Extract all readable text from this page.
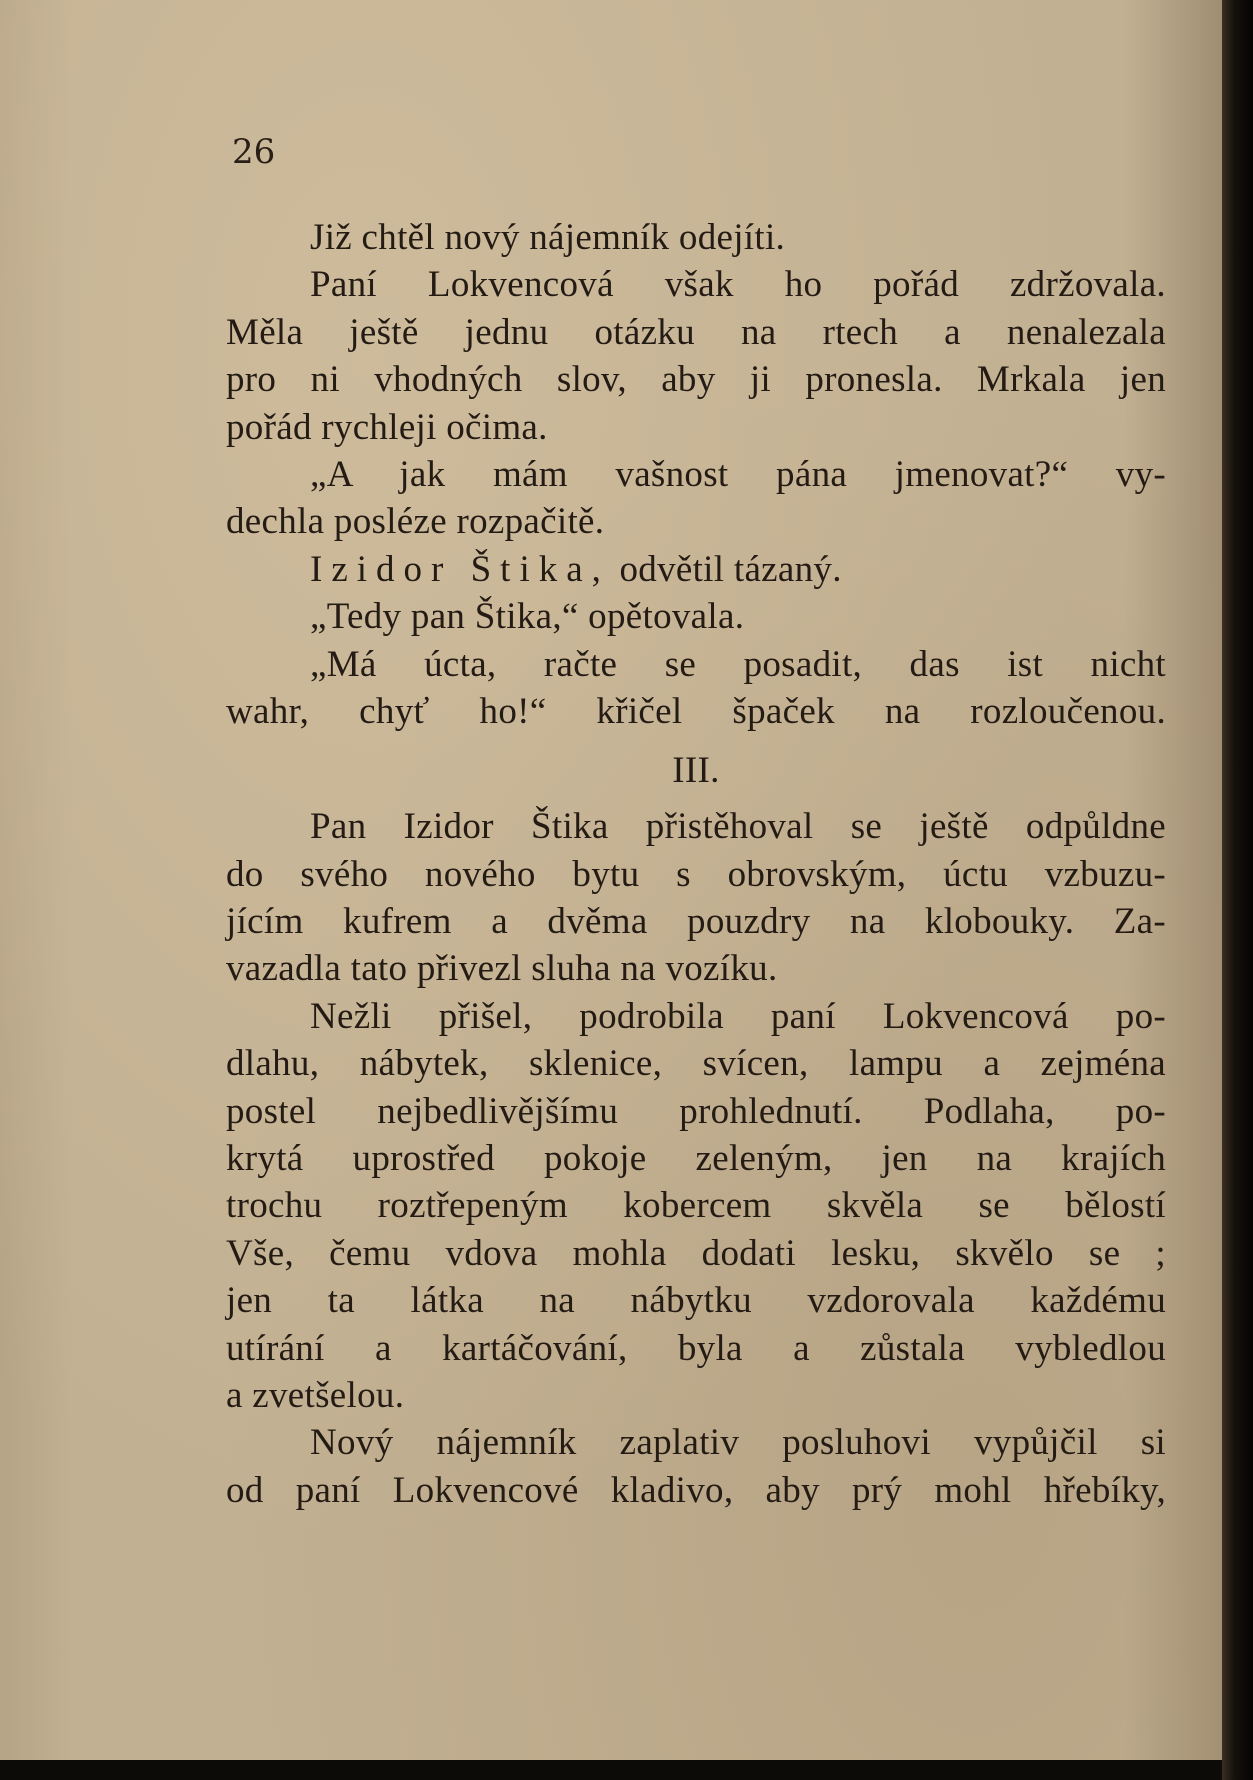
26

Již chtěl nový nájemník odejíti.

Paní Lokvencová však ho pořád zdržovala.

Měla ještě jednu otázku na rtech a nenalezala

pro ni vhodných slov, aby ji pronesla. Mrkala jen

pořád rychleji očima.

„A jak mám vašnost pána jmenovat?“ vy-

dechla posléze rozpačitě.

Izidor Štika, odvětil tázaný.

„Tedy pan Štika,“ opětovala.

„Má úcta, račte se posadit, das ist nicht

wahr, chyť ho!“ křičel špaček na rozloučenou.

III.

Pan Izidor Štika přistěhoval se ještě odpůldne

do svého nového bytu s obrovským, úctu vzbuzu-

jícím kufrem a dvěma pouzdry na klobouky. Za-

vazadla tato přivezl sluha na vozíku.

Nežli přišel, podrobila paní Lokvencová po-

dlahu, nábytek, sklenice, svícen, lampu a zejména

postel nejbedlivějšímu prohlednutí. Podlaha, po-

krytá uprostřed pokoje zeleným, jen na krajích

trochu roztřepeným kobercem skvěla se bělostí

Vše, čemu vdova mohla dodati lesku, skvělo se ;

jen ta látka na nábytku vzdorovala každému

utírání a kartáčování, byla a zůstala vybledlou

a zvetšelou.

Nový nájemník zaplativ posluhovi vypůjčil si

od paní Lokvencové kladivo, aby prý mohl hřebíky,
